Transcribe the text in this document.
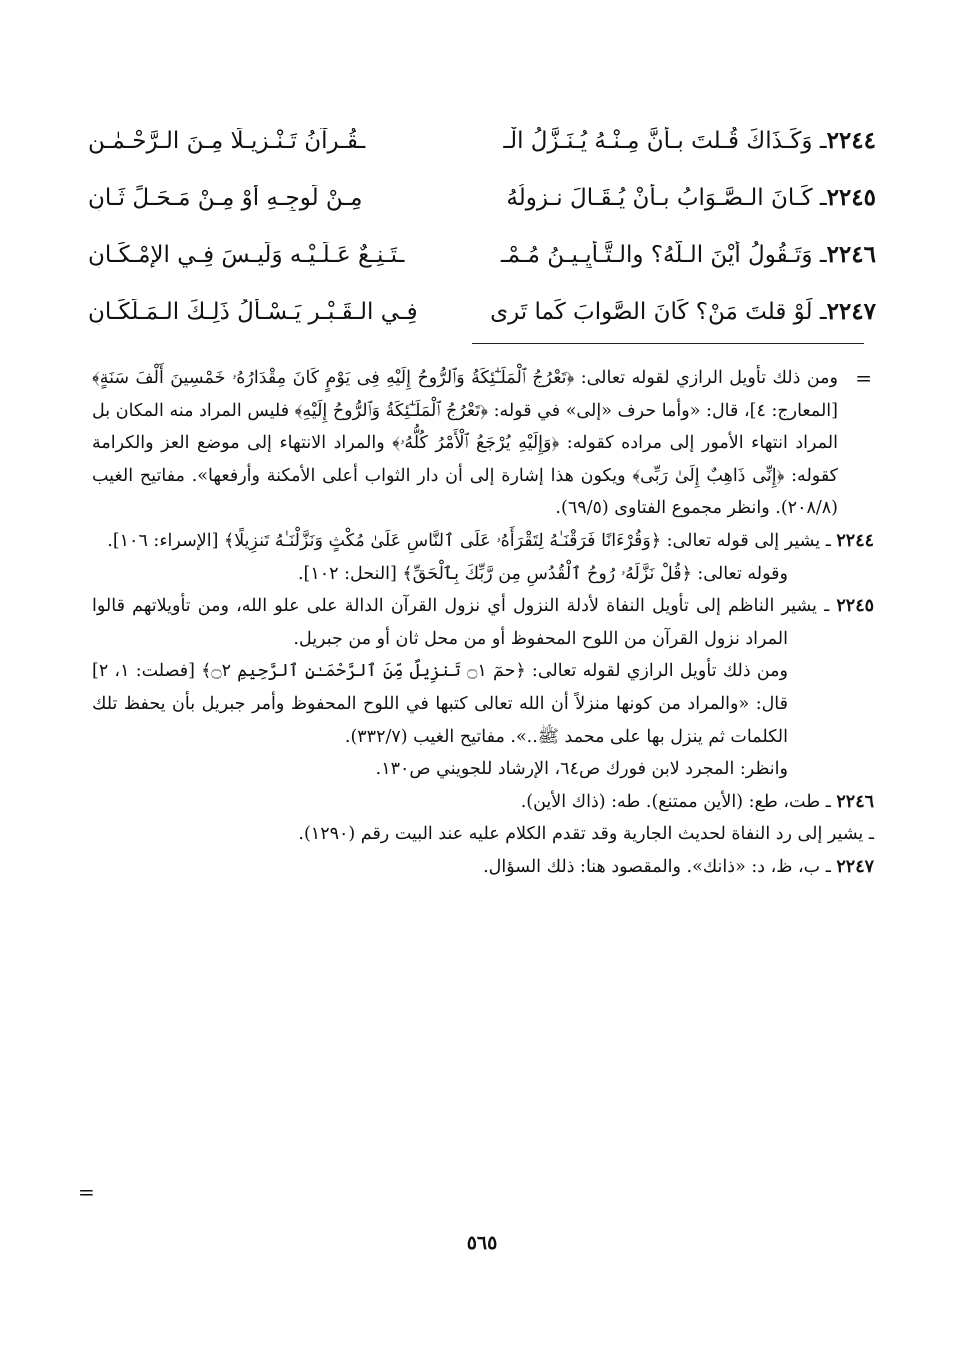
٢٢٤٤ـ وَكَـذَاكَ قُـلتَ بـأنَّ مِـنْـهُ يُـنَـزَّلُ الْـ
ـقُـرآنُ تَـنْـزِيـلًا مِـنَ الـرَّحْـمٰـنِ
٢٢٤٥ـ كَـانَ الـصَّـوَابُ بـأنْ يُـقَـالَ نـزولُهُ
مِـنْ لَوجِـهِ أوْ مِـنْ مَـحَـلٍّ ثَـانِ
٢٢٤٦ـ وَتَـقُولُ أيْنَ الـلَّهُ؟ والـتَّـأيِـيـنُ مُـمْـ
ـتَـنِـعٌ عَـلَـيْـه وَلَيـسَ فِـي الإمْـكَـانِ
٢٢٤٧ـ لَوْ قلتَ مَنْ؟ كَانَ الصَّوابَ كَما تَرى
فِـي الـقَـبْـرِ يَـسْـأَلُ ذَلِـكَ الـمَـلَكَـانِ
=
ومن ذلك تأويل الرازي لقوله تعالى: ﴿تَعْرُجُ ٱلْمَلَـٰٓئِكَةُ وَٱلرُّوحُ إِلَيْهِ فِى يَوْمٍ كَانَ مِقْدَارُهُۥ خَمْسِينَ أَلْفَ سَنَةٍ﴾ [المعارج: ٤]، قال: «وأما حرف «إلى» في قوله: ﴿تَعْرُجُ ٱلْمَلَـٰٓئِكَةُ وَٱلرُّوحُ إِلَيْهِ﴾ فليس المراد منه المكان بل المراد انتهاء الأمور إلى مراده كقوله: ﴿وَإِلَيْهِ يُرْجَعُ ٱلْأَمْرُ كُلُّهُۥ﴾ والمراد الانتهاء إلى موضع العز والكرامة كقوله: ﴿إِنِّى ذَاهِبٌ إِلَىٰ رَبِّى﴾ ويكون هذا إشارة إلى أن دار الثواب أعلى الأمكنة وأرفعها». مفاتيح الغيب (٢٠٨/٨). وانظر مجموع الفتاوى (٦٩/٥).
٢٢٤٤ ـ يشير إلى قوله تعالى: ﴿وَقُرْءَانًا فَرَقْنَـٰهُ لِتَقْرَأَهُۥ عَلَى ٱلنَّاسِ عَلَىٰ مُكْثٍ وَنَزَّلْنَـٰهُ تَنزِيلًا﴾ [الإسراء: ١٠٦].
وقوله تعالى: ﴿قُلْ نَزَّلَهُۥ رُوحُ ٱلْقُدُسِ مِن رَّبِّكَ بِٱلْحَقِّ﴾ [النحل: ١٠٢].
٢٢٤٥ ـ يشير الناظم إلى تأويل النفاة لأدلة النزول أي نزول القرآن الدالة على علو الله، ومن تأويلاتهم قالوا المراد نزول القرآن من اللوح المحفوظ أو من محل ثان أو من جبريل.
ومن ذلك تأويل الرازي لقوله تعالى: ﴿حمٓ ۝١ تَنزِيلٌ مِّنَ ٱلرَّحْمَـٰنِ ٱلرَّحِيمِ ۝٢﴾ [فصلت: ١، ٢] قال: «والمراد من كونها منزلاً أن الله تعالى كتبها في اللوح المحفوظ وأمر جبريل بأن يحفظ تلك الكلمات ثم ينزل بها على محمد ﷺ..». مفاتيح الغيب (٣٣٢/٧).
وانظر: المجرد لابن فورك ص٦٤، الإرشاد للجويني ص١٣٠.
٢٢٤٦ ـ طت، طع: (الأين ممتنع). طه: (ذاك الأين).
ـ يشير إلى رد النفاة لحديث الجارية وقد تقدم الكلام عليه عند البيت رقم (١٢٩٠).
٢٢٤٧ ـ ب، ظ، د: «ذانك». والمقصود هنا: ذلك السؤال.
=
٥٦٥
